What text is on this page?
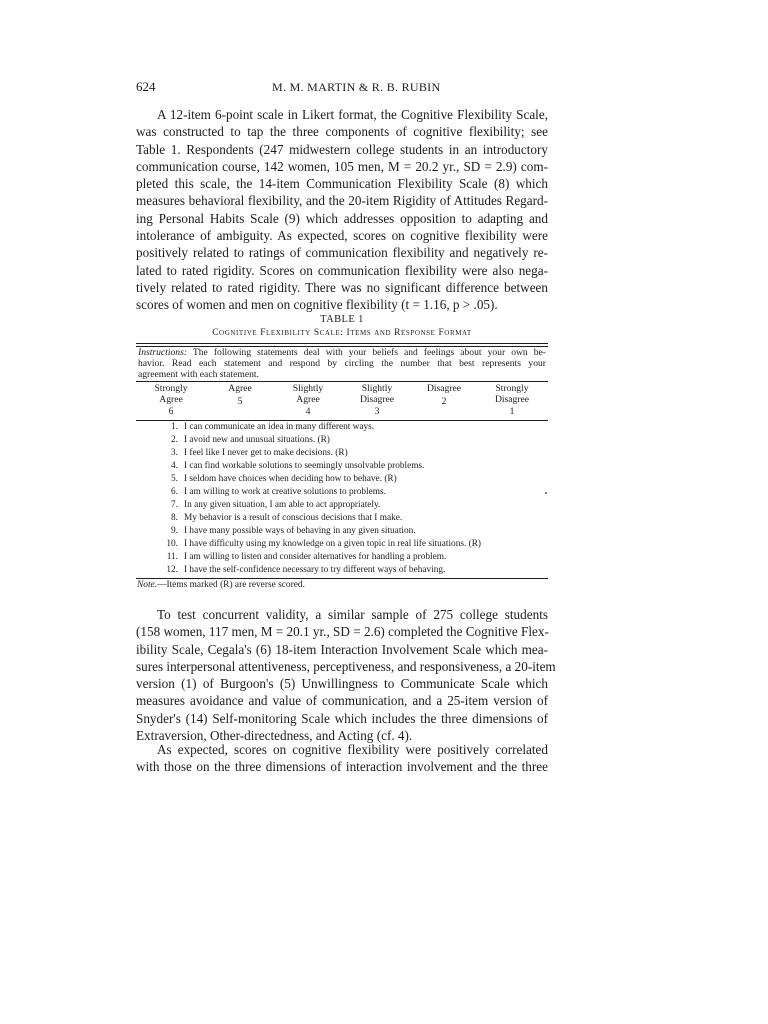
624	M. M. MARTIN & R. B. RUBIN

A 12-item 6-point scale in Likert format, the Cognitive Flexibility Scale,
was constructed to tap the three components of cognitive flexibility; see
Table 1. Respondents (247 midwestern college students in an introductory
communication course, 142 women, 105 men, M = 20.2 yr., SD = 2.9) com-
pleted this scale, the 14-item Communication Flexibility Scale (8) which
measures behavioral flexibility, and the 20-item Rigidity of Attitudes Regard-
ing Personal Habits Scale (9) which addresses opposition to adapting and
intolerance of ambiguity. As expected, scores on cognitive flexibility were
positively related to ratings of communication flexibility and negatively re-
lated to rated rigidity. Scores on communication flexibility were also nega-
tively related to rated rigidity. There was no significant difference between
scores of women and men on cognitive flexibility (t = 1.16, p > .05).

TABLE 1
Cognitive Flexibility Scale: Items and Response Format

Instructions: The following statements deal with your beliefs and feelings about your own be-
havior. Read each statement and respond by circling the number that best represents your
agreement with each statement.

Strongly
Agree
6
Agree

5
Slightly
Agree
4
Slightly
Disagree
3
Disagree

2
Strongly
Disagree
1
1. I can communicate an idea in many different ways.
2. I avoid new and unusual situations. (R)
3. I feel like I never get to make decisions. (R)
4. I can find workable solutions to seemingly unsolvable problems.
5. I seldom have choices when deciding how to behave. (R)
6. I am willing to work at creative solutions to problems.
7. In any given situation, I am able to act appropriately.
8. My behavior is a result of conscious decisions that I make.
9. I have many possible ways of behaving in any given situation.
10. I have difficulty using my knowledge on a given topic in real life situations. (R)
11. I am willing to listen and consider alternatives for handling a problem.
12. I have the self-confidence necessary to try different ways of behaving.
Note.—Items marked (R) are reverse scored.

To test concurrent validity, a similar sample of 275 college students
(158 women, 117 men, M = 20.1 yr., SD = 2.6) completed the Cognitive Flex-
ibility Scale, Cegala's (6) 18-item Interaction Involvement Scale which mea-
sures interpersonal attentiveness, perceptiveness, and responsiveness, a 20-item
version (1) of Burgoon's (5) Unwillingness to Communicate Scale which
measures avoidance and value of communication, and a 25-item version of
Snyder's (14) Self-monitoring Scale which includes the three dimensions of
Extraversion, Other-directedness, and Acting (cf. 4).

As expected, scores on cognitive flexibility were positively correlated
with those on the three dimensions of interaction involvement and the three
